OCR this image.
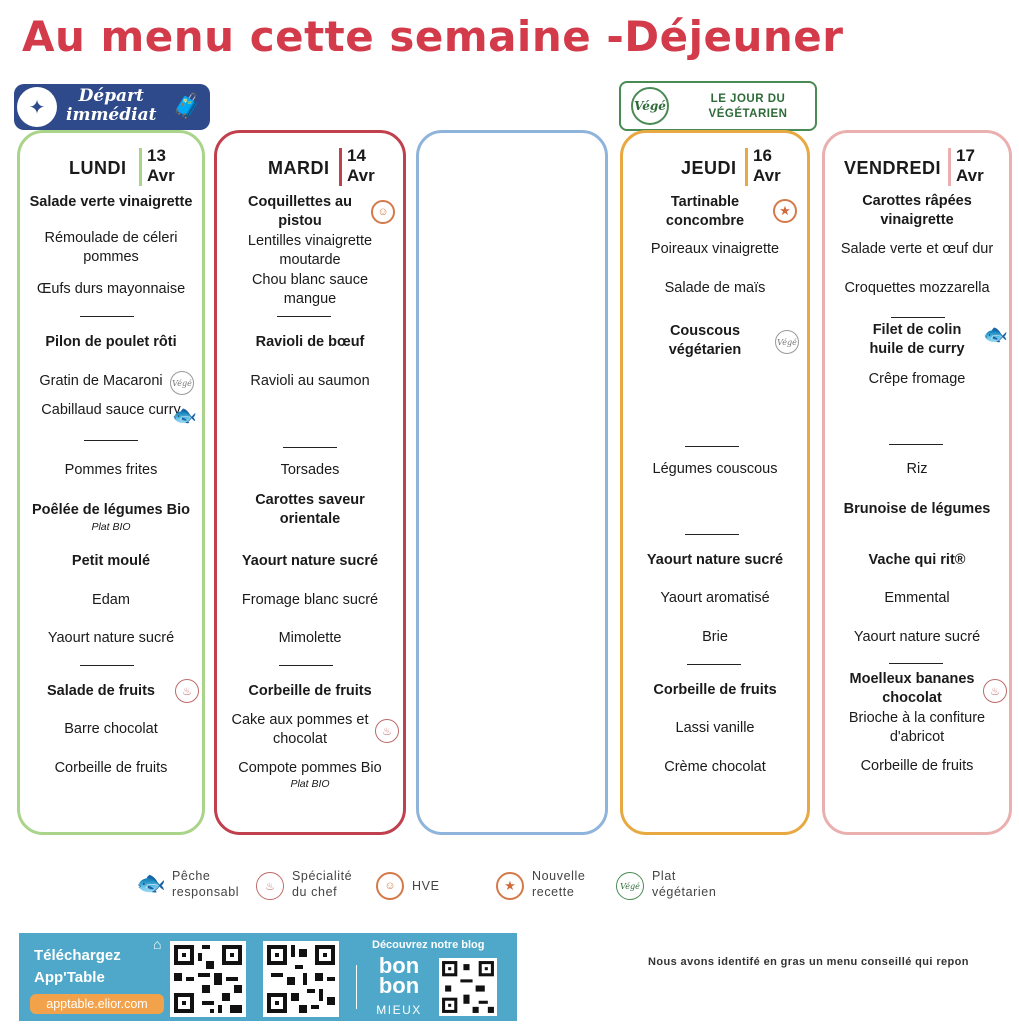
Au menu cette semaine -Déjeuner
✦
Départ
immédiat 🧳	Végé	LE JOUR DU
VÉGÉTARIEN
LUNDI
13
Avr
Salade verte vinaigrette
Rémoulade de céleri pommes
Œufs durs mayonnaise
Pilon de poulet rôti
Gratin de Macaroni	Végé
Cabillaud sauce curry
🐟
Pommes frites
Poêlée de légumes Bio
Plat BIO
Petit moulé
Edam
Yaourt nature sucré
Salade de fruits	♨
Barre chocolat
Corbeille de fruits
MARDI
14
Avr
Coquillettes au pistou
☺
Lentilles vinaigrette moutarde
Chou blanc sauce mangue
Ravioli de bœuf
Ravioli au saumon
Torsades
Carottes saveur orientale
Yaourt nature sucré
Fromage blanc sucré
Mimolette
Corbeille de fruits
Cake aux pommes et chocolat	♨
Compote pommes Bio
Plat BIO
JEUDI
16
Avr
Tartinable concombre
★
Poireaux vinaigrette
Salade de maïs
Couscous végétarien	Végé
Légumes couscous
Yaourt nature sucré
Yaourt aromatisé
Brie
Corbeille de fruits
Lassi vanille
Crème chocolat
VENDREDI
17
Avr
Carottes râpées vinaigrette
Salade verte et œuf dur
Croquettes mozzarella
Filet de colin huile de curry
🐟
Crêpe fromage
Riz
Brunoise de légumes
Vache qui rit®
Emmental
Yaourt nature sucré
Moelleux bananes chocolat	♨
Brioche à la confiture d'abricot
Corbeille de fruits
🐟 Pêche
responsabl	♨
Spécialité
du chef	☺	HVE	★
Nouvelle
recette	Végé
Plat
végétarien
Téléchargez
App'Table
apptable.elior.com
⌂	Découvrez notre blog
bon
bon
MIEUX
Nous avons identifé en gras un menu conseillé qui repon
